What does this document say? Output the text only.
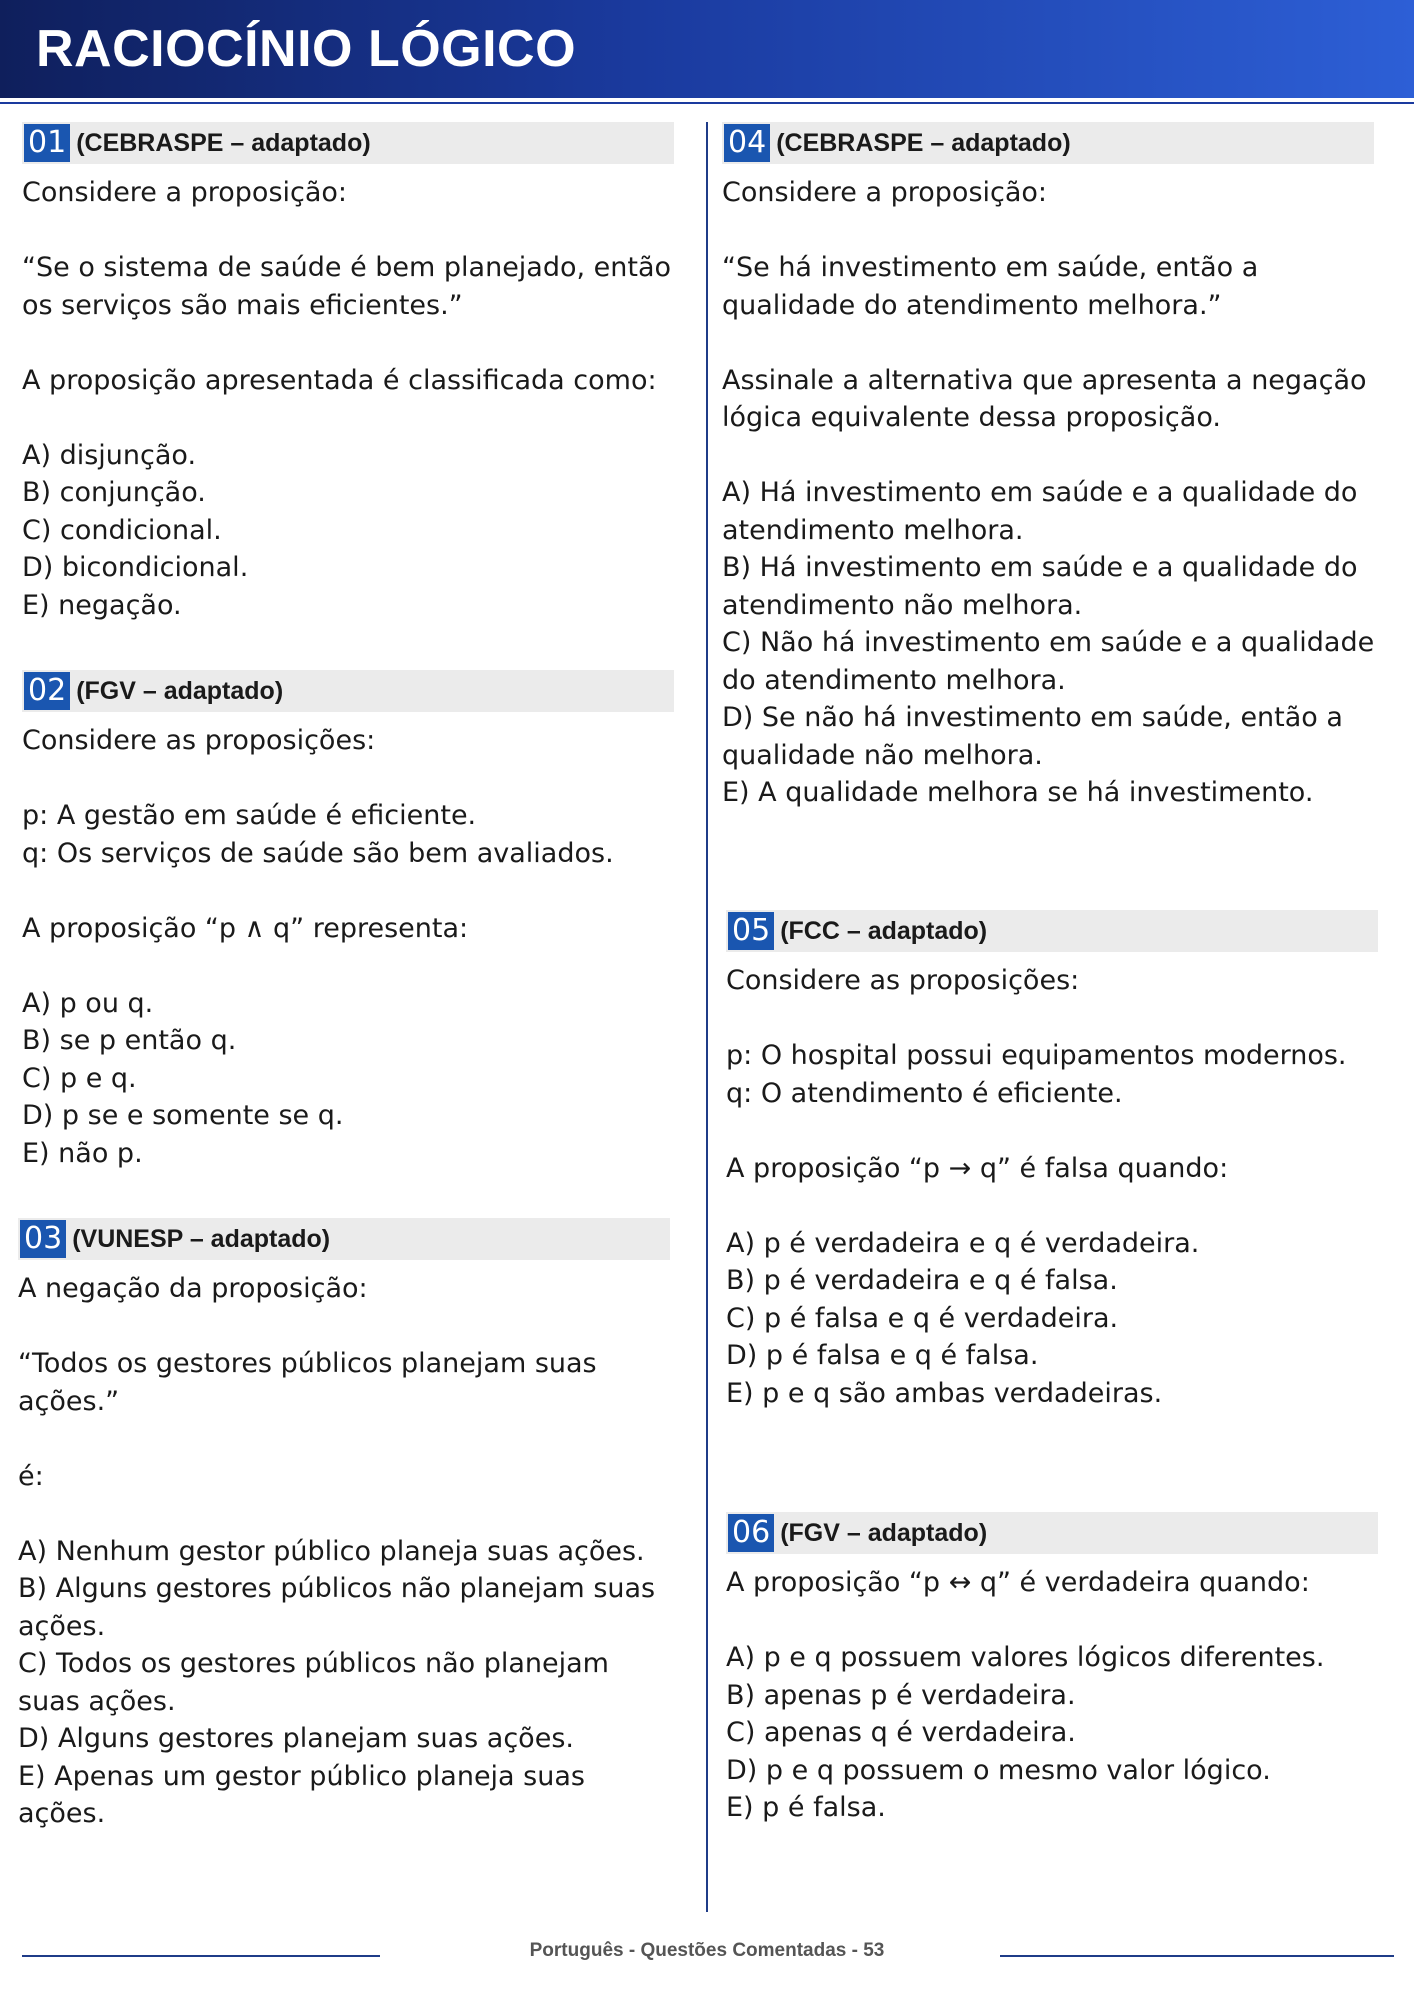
RACIOCÍNIO LÓGICO
01 (CEBRASPE – adaptado)

Considere a proposição:

“Se o sistema de saúde é bem planejado, então os serviços são mais eficientes.”

A proposição apresentada é classificada como:

A) disjunção.

B) conjunção.

C) condicional.

D) bicondicional.

E) negação.

02 (FGV – adaptado)

Considere as proposições:

p: A gestão em saúde é eficiente.

q: Os serviços de saúde são bem avaliados.

A proposição “p ∧ q” representa:

A) p ou q.

B) se p então q.

C) p e q.

D) p se e somente se q.

E) não p.

03 (VUNESP – adaptado)

A negação da proposição:

“Todos os gestores públicos planejam suas ações.”

é:

A) Nenhum gestor público planeja suas ações.

B) Alguns gestores públicos não planejam suas ações.

C) Todos os gestores públicos não planejam suas ações.

D) Alguns gestores planejam suas ações.

E) Apenas um gestor público planeja suas ações.

04 (CEBRASPE – adaptado)

Considere a proposição:

“Se há investimento em saúde, então a qualidade do atendimento melhora.”

Assinale a alternativa que apresenta a negação lógica equivalente dessa proposição.

A) Há investimento em saúde e a qualidade do atendimento melhora.

B) Há investimento em saúde e a qualidade do atendimento não melhora.

C) Não há investimento em saúde e a qualidade do atendimento melhora.

D) Se não há investimento em saúde, então a qualidade não melhora.

E) A qualidade melhora se há investimento.

05 (FCC – adaptado)

Considere as proposições:

p: O hospital possui equipamentos modernos.

q: O atendimento é eficiente.

A proposição “p → q” é falsa quando:

A) p é verdadeira e q é verdadeira.

B) p é verdadeira e q é falsa.

C) p é falsa e q é verdadeira.

D) p é falsa e q é falsa.

E) p e q são ambas verdadeiras.

06 (FGV – adaptado)

A proposição “p ↔ q” é verdadeira quando:

A) p e q possuem valores lógicos diferentes.

B) apenas p é verdadeira.

C) apenas q é verdadeira.

D) p e q possuem o mesmo valor lógico.

E) p é falsa.

Português - Questões Comentadas - 53
